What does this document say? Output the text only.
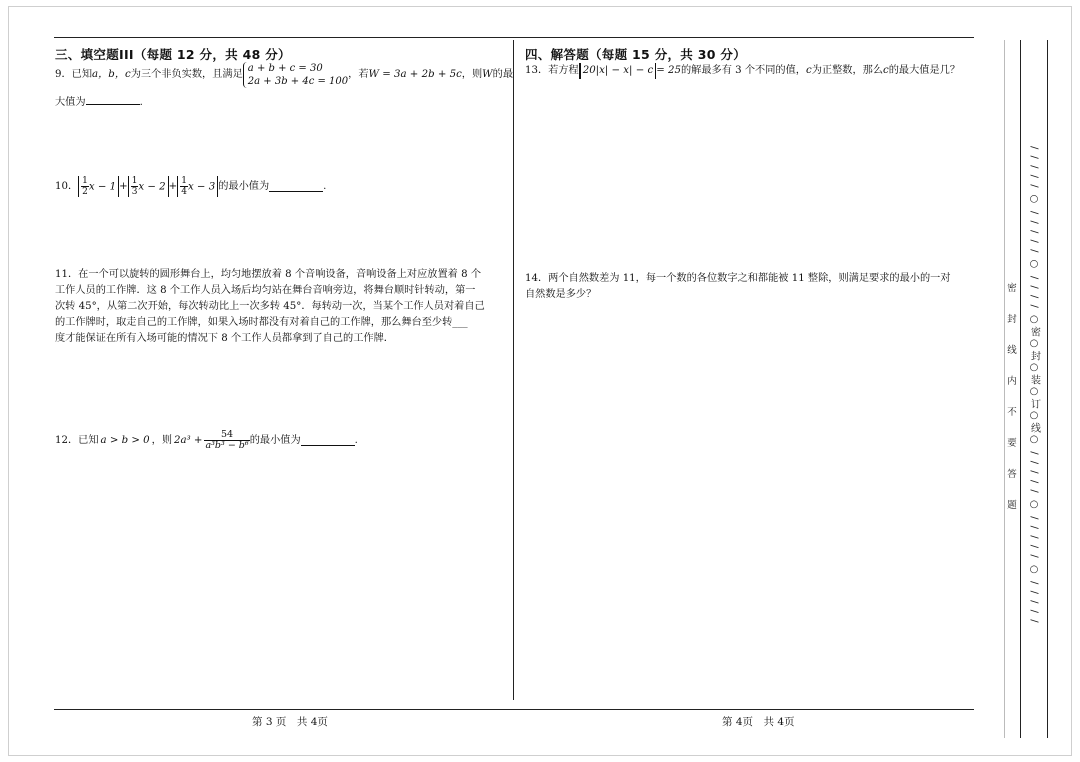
三、填空题III（每题 12 分，共 48 分）
9．已知 a，b，c 为三个非负实数，且满足
a + b + c = 30
2a + 3b + 4c = 100
，若 W = 3a + 2b + 5c ，则 W 的最
大值为	.
10． $\frac{1}{2}$ $x - 1 + \frac{1}{3}$ $x - 2 + \frac{1}{4}$ x − 3 的最小值为	.
11．在一个可以旋转的圆形舞台上，均匀地摆放着 8 个音响设备，音响设备上对应放置着 8 个
工作人员的工作牌．这 8 个工作人员入场后均匀站在舞台音响旁边，将舞台顺时针转动，第一
次转 45°，从第二次开始，每次转动比上一次多转 45°．每转动一次，当某个工作人员对着自己
的工作牌时，取走自己的工作牌，如果入场时都没有对着自己的工作牌，那么舞台至少转___
度才能保证在所有入场可能的情况下 8 个工作人员都拿到了自己的工作牌．
12．已知 a > b > 0 ，则 $2a^3 + \frac{54}{\text{a³b³ − b⁶}}$ 的最小值为	.
四、解答题（每题 15 分，共 30 分）
13．若方程 20|x| − x| − c = 25 的解最多有 3 个不同的值， c 为正整数，那么 c 的最大值是几？
14．两个自然数差为 11，每一个数的各位数字之和都能被 11 整除，则满足要求的最小的一对
自然数是多少？
第 3 页　共 4页	第 4页　共 4页
/ / / / / ○ / / / / / ○ / / / / ○密○封○装○订○线○ / / / / / ○ / / / / / ○ / / / / /
密
封
线
内
不
要
答
题
